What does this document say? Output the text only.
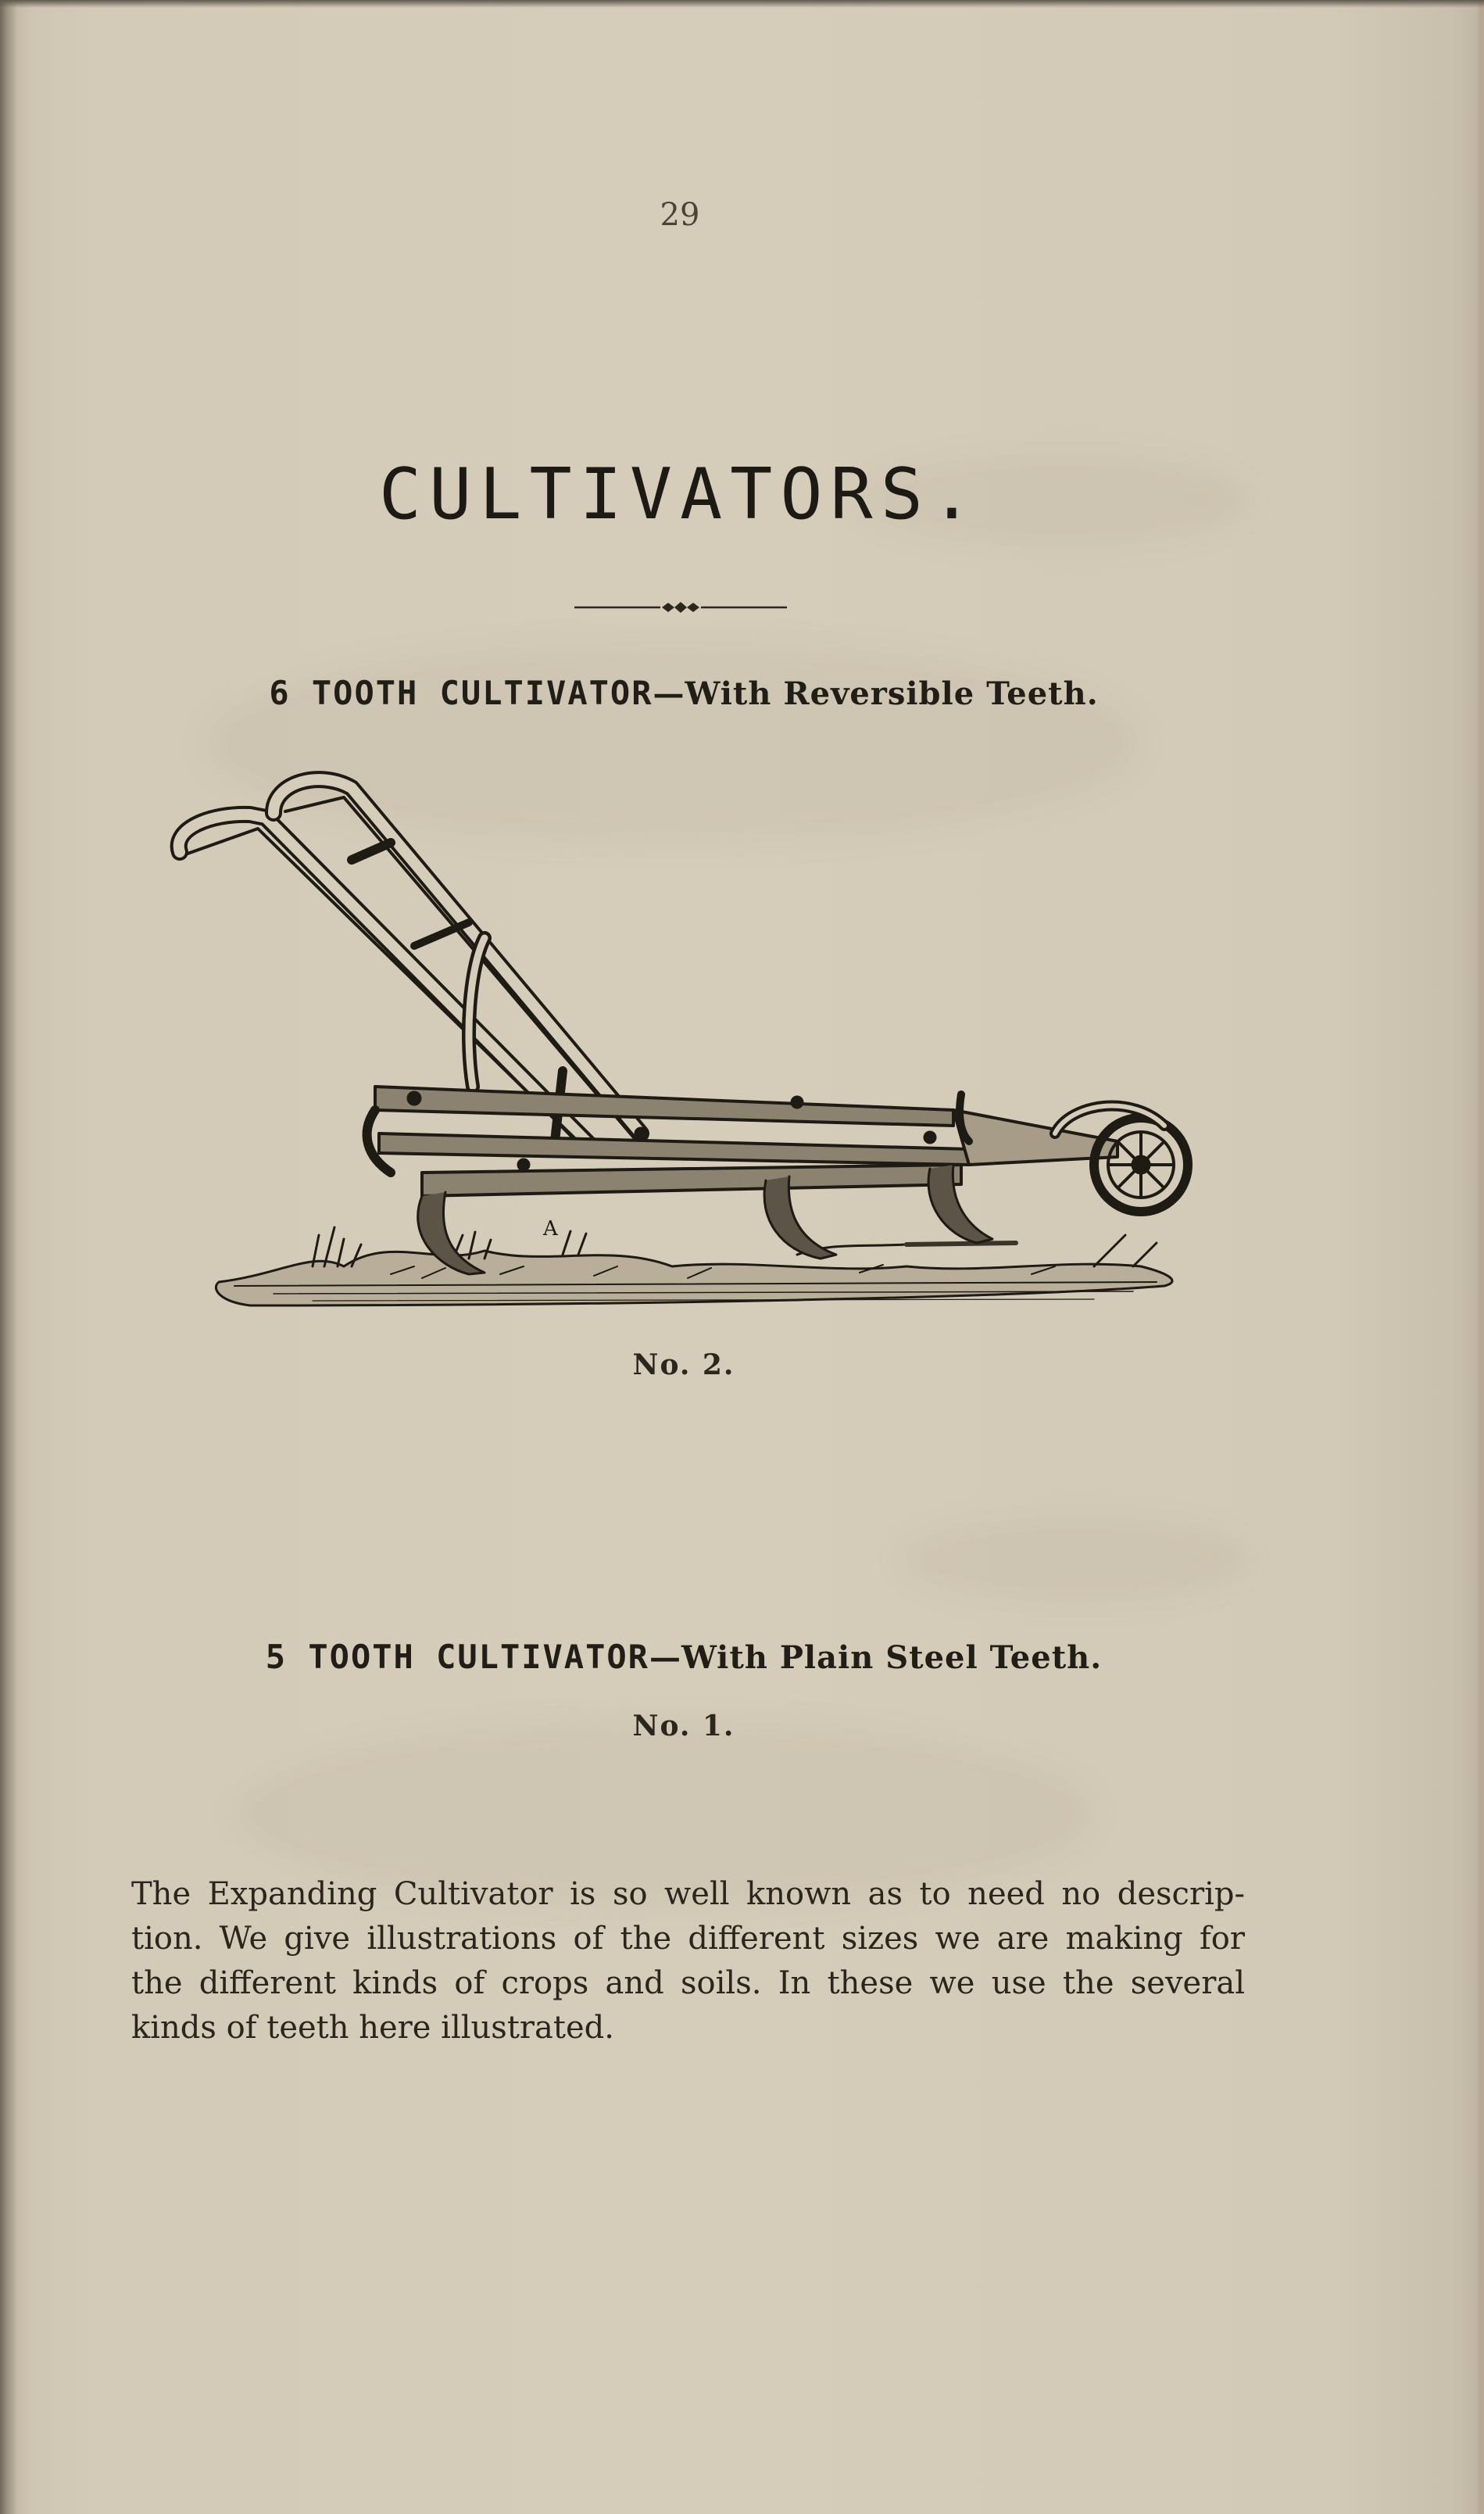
29
CULTIVATORS.
6 TOOTH CULTIVATOR—With Reversible Teeth.
A
No. 2.
5 TOOTH CULTIVATOR—With Plain Steel Teeth.
No. 1.
The Expanding Cultivator is so well known as to need no descrip-
tion. We give illustrations of the different sizes we are making for
the different kinds of crops and soils. In these we use the several
kinds of teeth here illustrated.
